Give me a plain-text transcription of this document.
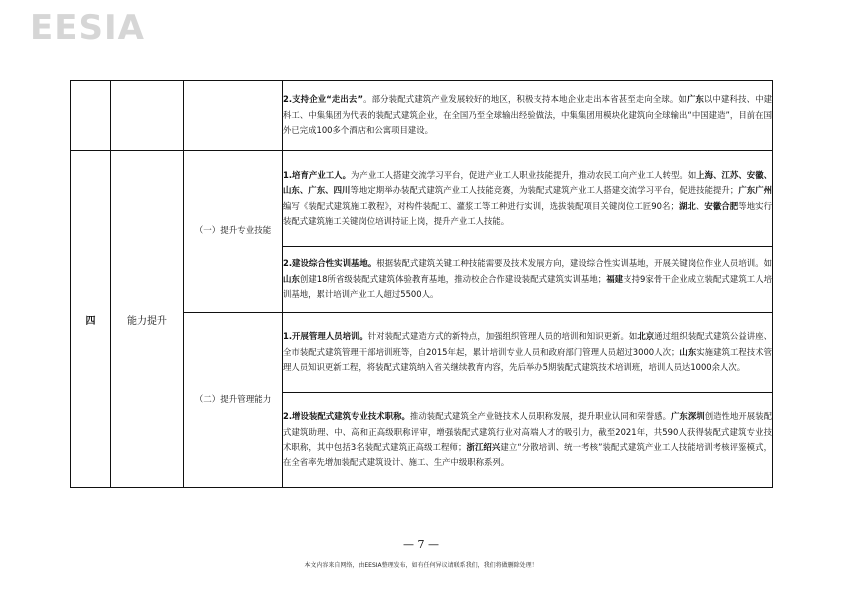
EESIA
			2.支持企业“走出去”。部分装配式建筑产业发展较好的地区，积极支持本地企业走出本省甚至走向全球。如广东以中建科技、中建科工、中集集团为代表的装配式建筑企业，在全国乃至全球输出经验做法，中集集团用模块化建筑向全球输出“中国建造”，目前在国外已完成100多个酒店和公寓项目建设。
四	能力提升	（一）提升专业技能	1.培育产业工人。为产业工人搭建交流学习平台，促进产业工人职业技能提升，推动农民工向产业工人转型。如上海、江苏、安徽、山东、广东、四川等地定期举办装配式建筑产业工人技能竞赛，为装配式建筑产业工人搭建交流学习平台，促进技能提升；广东广州编写《装配式建筑施工教程》，对构件装配工、灌浆工等工种进行实训，选拔装配项目关键岗位工匠90名；湖北、安徽合肥等地实行装配式建筑施工关键岗位培训持证上岗，提升产业工人技能。
			2.建设综合性实训基地。根据装配式建筑关键工种技能需要及技术发展方向，建设综合性实训基地，开展关键岗位作业人员培训。如山东创建18所省级装配式建筑体验教育基地，推动校企合作建设装配式建筑实训基地；福建支持9家骨干企业成立装配式建筑工人培训基地，累计培训产业工人超过5500人。
		（二）提升管理能力	1.开展管理人员培训。针对装配式建造方式的新特点，加强组织管理人员的培训和知识更新。如北京通过组织装配式建筑公益讲座、全市装配式建筑管理干部培训班等，自2015年起，累计培训专业人员和政府部门管理人员超过3000人次；山东实施建筑工程技术管理人员知识更新工程，将装配式建筑纳入省关继续教育内容，先后举办5期装配式建筑技术培训班，培训人员达1000余人次。
			2.增设装配式建筑专业技术职称。推动装配式建筑全产业链技术人员职称发展，提升职业认同和荣誉感。广东深圳创造性地开展装配式建筑助理、中、高和正高级职称评审，增强装配式建筑行业对高端人才的吸引力，截至2021年，共590人获得装配式建筑专业技术职称，其中包括3名装配式建筑正高级工程师；浙江绍兴建立“分散培训、统一考核”装配式建筑产业工人技能培训考核评鉴模式，在全省率先增加装配式建筑设计、施工、生产中级职称系列。
— 7 —
本文内容来自网络，由EESIA整理发布，如有任何异议请联系我们，我们将做删除处理！
